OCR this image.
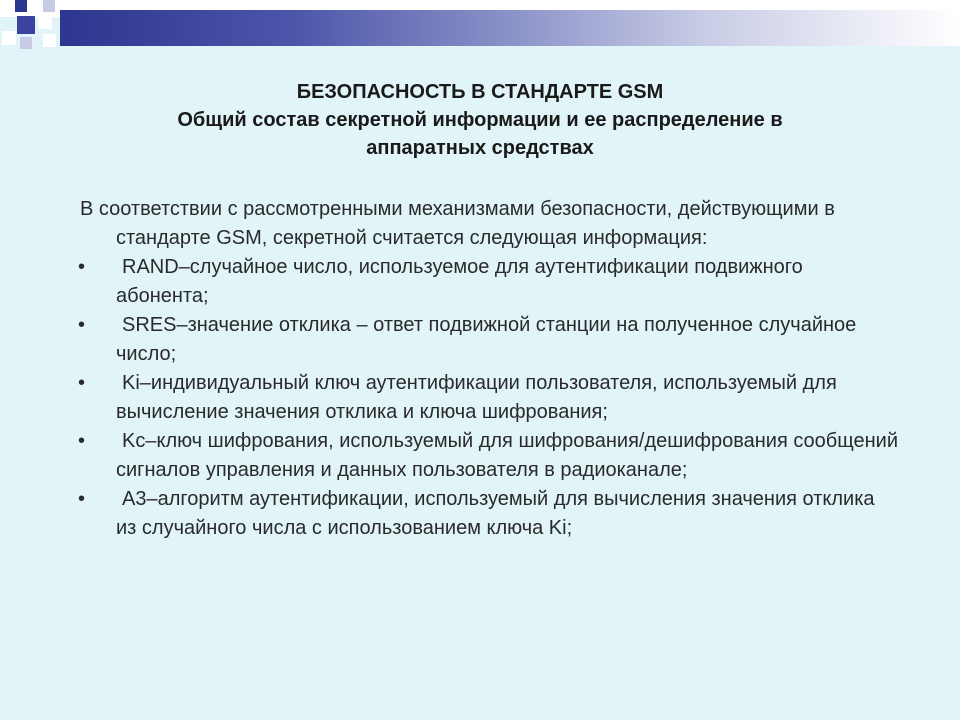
БЕЗОПАСНОСТЬ В СТАНДАРТЕ GSM
Общий состав секретной информации и ее распределение в
аппаратных средствах

В соответствии с рассмотренными механизмами безопасности, действующими в стандарте GSM, секретной считается следующая информация:

•	RAND–случайное число, используемое для аутентификации подвижного абонента;
•	SRES–значение отклика – ответ подвижной станции на полученное случайное число;
•	Ki–индивидуальный ключ аутентификации пользователя, используемый для вычисление значения отклика и ключа шифрования;
•	Kс–ключ шифрования, используемый для шифрования/дешифрования сообщений сигналов управления и данных пользователя в радиоканале;
•	А3–алгоритм аутентификации, используемый для вычисления значения отклика из случайного числа с использованием ключа Ki;
